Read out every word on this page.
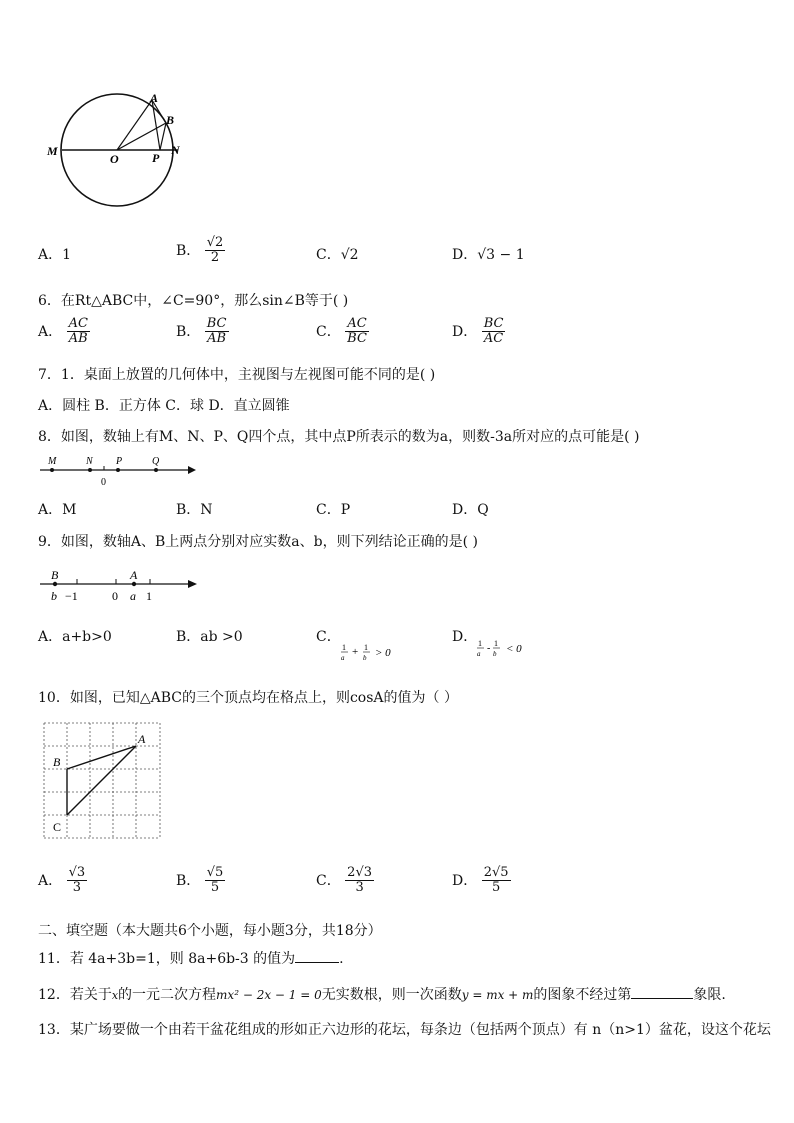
A
B
M
O	P
N
A．1	B． $\frac{√2}{2}$	C．√2	D．√3 − 1
6．在Rt△ABC中，∠C=90°，那么sin∠B等于( )
A． $\frac{AC}{AB}$	B． $\frac{BC}{AB}$	C． $\frac{AC}{BC}$	D． $\frac{BC}{AC}$
7．1．桌面上放置的几何体中，主视图与左视图可能不同的是( )
A．圆柱 B．正方体 C．球 D．直立圆锥
8．如图，数轴上有M、N、P、Q四个点，其中点P所表示的数为a，则数-3a所对应的点可能是( )
M	N P	Q
0
A．M	B．N	C．P	D．Q
9．如图，数轴A、B上两点分别对应实数a、b，则下列结论正确的是( )
B	A
b −1	0 a 1
A．a+b>0	B．ab >0	C．
1
a + 1
b > 0
D． 1
a - 1
b < 0
10．如图，已知△ABC的三个顶点均在格点上，则cosA的值为（ ）
A
B
C
A． $\frac{√3}{3}$	B． $\frac{√5}{5}$	C． $\frac{2√3}{3}$	D． $\frac{2√5}{5}$
二、填空题（本大题共6个小题，每小题3分，共18分）
11．若 4a+3b=1，则 8a+6b-3 的值为	.
12．若关于x的一元二次方程mx² − 2x − 1 = 0无实数根，则一次函数y = mx + m的图象不经过第	象限.
13．某广场要做一个由若干盆花组成的形如正六边形的花坛，每条边（包括两个顶点）有 n（n>1）盆花，设这个花坛
